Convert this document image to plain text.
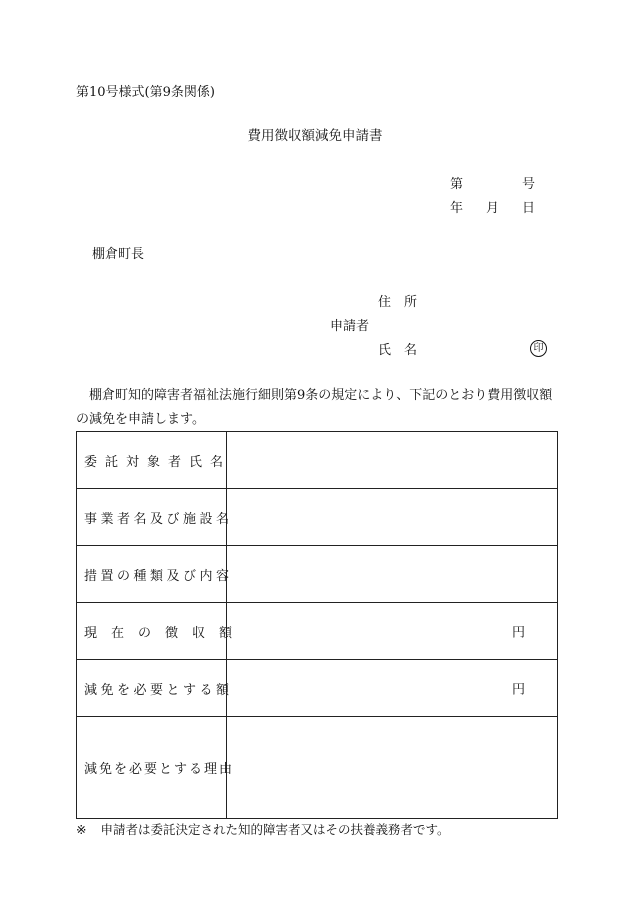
第10号様式(第9条関係)
費用徴収額減免申請書
第	号
年 月 日
棚倉町長
住所
申請者
氏名	印
棚倉町知的障害者福祉法施行細則第9条の規定により、下記のとおり費用徴収額の減免を申請します。
委託対象者氏名	
事業者名及び施設名	
措置の種類及び内容	
現在の徴収額	円

減免を必要とする額	円

減免を必要とする理由	
※ 申請者は委託決定された知的障害者又はその扶養義務者です。
